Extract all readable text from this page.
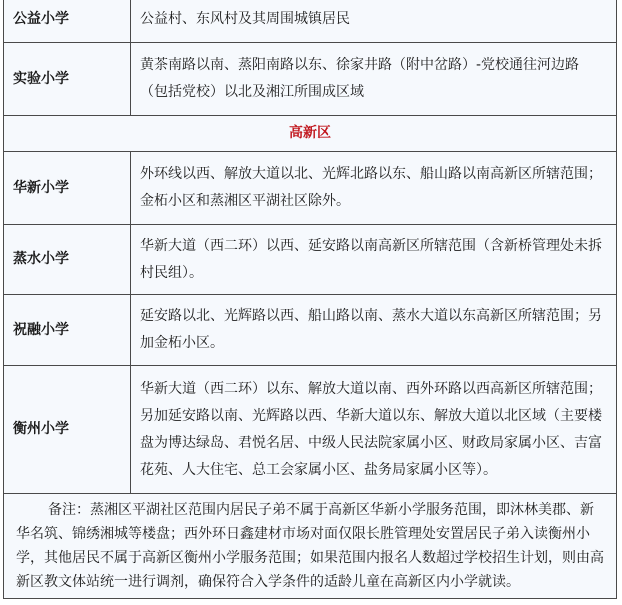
公益小学	公益村、东风村及其周围城镇居民
实验小学	黄茶南路以南、蒸阳南路以东、徐家井路（附中岔路）-党校通往河边路（包括党校）以北及湘江所围成区域
高新区	
华新小学	外环线以西、解放大道以北、光辉北路以东、船山路以南高新区所辖范围；金柘小区和蒸湘区平湖社区除外。
蒸水小学	华新大道（西二环）以西、延安路以南高新区所辖范围（含新桥管理处未拆村民组）。
祝融小学	延安路以北、光辉路以西、船山路以南、蒸水大道以东高新区所辖范围；另加金柘小区。
衡州小学	华新大道（西二环）以东、解放大道以南、西外环路以西高新区所辖范围；另加延安路以南、光辉路以西、华新大道以东、解放大道以北区域（主要楼盘为博达绿岛、君悦名居、中级人民法院家属小区、财政局家属小区、吉富花苑、人大住宅、总工会家属小区、盐务局家属小区等）。
备注：蒸湘区平湖社区范围内居民子弟不属于高新区华新小学服务范围，即沐林美郡、新华名筑、锦绣湘城等楼盘；西外环日鑫建材市场对面仅限长胜管理处安置居民子弟入读衡州小学，其他居民不属于高新区衡州小学服务范围；如果范围内报名人数超过学校招生计划，则由高新区教文体站统一进行调剂，确保符合入学条件的适龄儿童在高新区内小学就读。	
